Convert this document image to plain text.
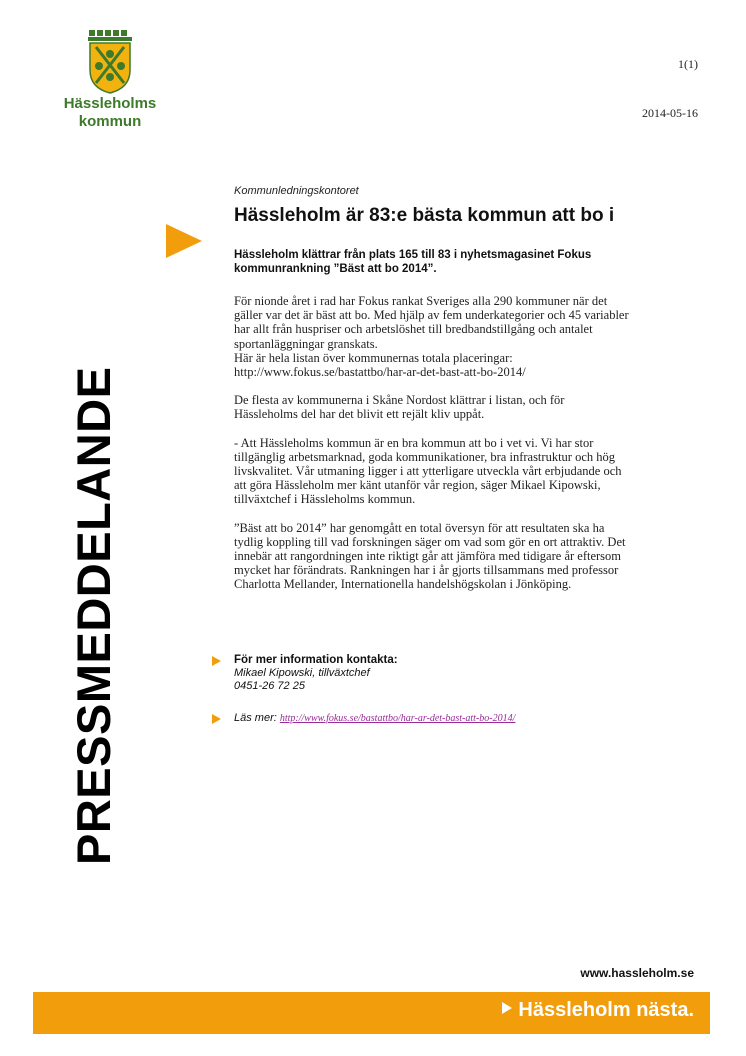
Hässleholms
kommun
1(1)
2014-05-16
PRESSMEDDELANDE
Kommunledningskontoret
Hässleholm är 83:e bästa kommun att bo i
Hässleholm klättrar från plats 165 till 83 i nyhetsmagasinet Fokus
kommunrankning ”Bäst att bo 2014”.

För nionde året i rad har Fokus rankat Sveriges alla 290 kommuner när det
gäller var det är bäst att bo. Med hjälp av fem underkategorier och 45 variabler
har allt från huspriser och arbetslöshet till bredbandstillgång och antalet
sportanläggningar granskats.
Här är hela listan över kommunernas totala placeringar:
http://www.fokus.se/bastattbo/har-ar-det-bast-att-bo-2014/

De flesta av kommunerna i Skåne Nordost klättrar i listan, och för
Hässleholms del har det blivit ett rejält kliv uppåt.

- Att Hässleholms kommun är en bra kommun att bo i vet vi. Vi har stor
tillgänglig arbetsmarknad, goda kommunikationer, bra infrastruktur och hög
livskvalitet. Vår utmaning ligger i att ytterligare utveckla vårt erbjudande och
att göra Hässleholm mer känt utanför vår region, säger Mikael Kipowski,
tillväxtchef i Hässleholms kommun.

”Bäst att bo 2014” har genomgått en total översyn för att resultaten ska ha
tydlig koppling till vad forskningen säger om vad som gör en ort attraktiv. Det
innebär att rangordningen inte riktigt går att jämföra med tidigare år eftersom
mycket har förändrats. Rankningen har i år gjorts tillsammans med professor
Charlotta Mellander, Internationella handelshögskolan i Jönköping.

För mer information kontakta:
Mikael Kipowski, tillväxtchef
0451-26 72 25
Läs mer: http://www.fokus.se/bastattbo/har-ar-det-bast-att-bo-2014/
www.hassleholm.se
Hässleholm nästa.
